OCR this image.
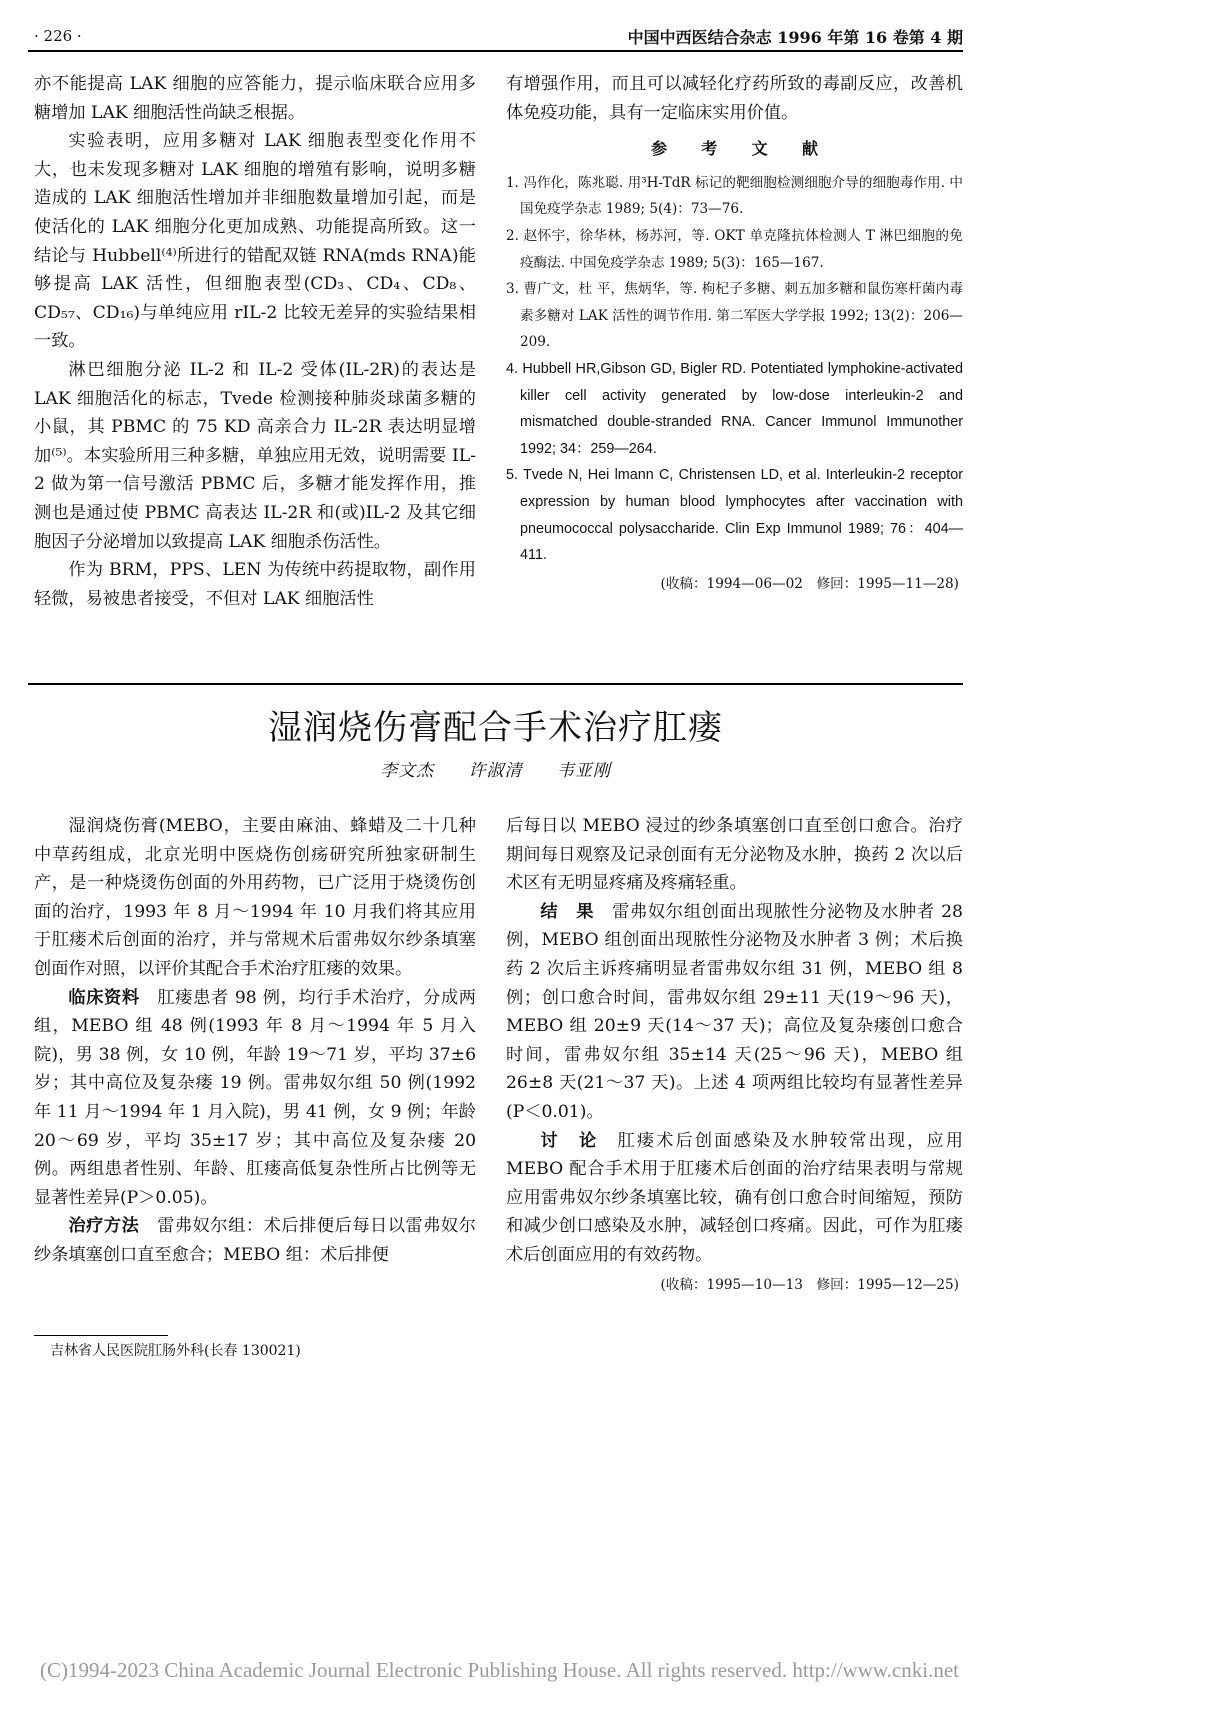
· 226 ·	中国中西医结合杂志 1996 年第 16 卷第 4 期

亦不能提高 LAK 细胞的应答能力，提示临床联合应用多糖增加 LAK 细胞活性尚缺乏根据。

实验表明，应用多糖对 LAK 细胞表型变化作用不大，也未发现多糖对 LAK 细胞的增殖有影响，说明多糖造成的 LAK 细胞活性增加并非细胞数量增加引起，而是使活化的 LAK 细胞分化更加成熟、功能提高所致。这一结论与 Hubbell⁽⁴⁾所进行的错配双链 RNA(mds RNA)能够提高 LAK 活性，但细胞表型(CD₃、CD₄、CD₈、CD₅₇、CD₁₆)与单纯应用 rIL-2 比较无差异的实验结果相一致。

淋巴细胞分泌 IL-2 和 IL-2 受体(IL-2R)的表达是 LAK 细胞活化的标志，Tvede 检测接种肺炎球菌多糖的小鼠，其 PBMC 的 75 KD 高亲合力 IL-2R 表达明显增加⁽⁵⁾。本实验所用三种多糖，单独应用无效，说明需要 IL-2 做为第一信号激活 PBMC 后，多糖才能发挥作用，推测也是通过使 PBMC 高表达 IL-2R 和(或)IL-2 及其它细胞因子分泌增加以致提高 LAK 细胞杀伤活性。

作为 BRM，PPS、LEN 为传统中药提取物，副作用轻微，易被患者接受，不但对 LAK 细胞活性

有增强作用，而且可以减轻化疗药所致的毒副反应，改善机体免疫功能，具有一定临床实用价值。

参 考 文 献

1. 冯作化，陈兆聪. 用³H-TdR 标记的靶细胞检测细胞介导的细胞毒作用. 中国免疫学杂志 1989; 5(4)：73—76.

2. 赵怀宇，徐华林，杨苏河，等. OKT 单克隆抗体检测人 T 淋巴细胞的免疫酶法. 中国免疫学杂志 1989; 5(3)：165—167.

3. 曹广文，杜 平，焦炳华，等. 枸杞子多糖、刺五加多糖和鼠伤寒杆菌内毒素多糖对 LAK 活性的调节作用. 第二军医大学学报 1992; 13(2)：206—209.

4. Hubbell HR,Gibson GD, Bigler RD. Potentiated lymphokine-activated killer cell activity generated by low-dose interleukin-2 and mismatched double-stranded RNA. Cancer Immunol Immunother 1992; 34：259—264.

5. Tvede N, Hei lmann C, Christensen LD, et al. Interleukin-2 receptor expression by human blood lymphocytes after vaccination with pneumococcal polysaccharide. Clin Exp Immunol 1989; 76：404—411.

(收稿：1994—06—02　修回：1995—11—28)
湿润烧伤膏配合手术治疗肛瘘
李文杰 许淑清 韦亚刚

湿润烧伤膏(MEBO，主要由麻油、蜂蜡及二十几种中草药组成，北京光明中医烧伤创疡研究所独家研制生产，是一种烧烫伤创面的外用药物，已广泛用于烧烫伤创面的治疗，1993 年 8 月～1994 年 10 月我们将其应用于肛瘘术后创面的治疗，并与常规术后雷弗奴尔纱条填塞创面作对照，以评价其配合手术治疗肛瘘的效果。

临床资料　肛瘘患者 98 例，均行手术治疗，分成两组，MEBO 组 48 例(1993 年 8 月～1994 年 5 月入院)，男 38 例，女 10 例，年龄 19～71 岁，平均 37±6 岁；其中高位及复杂瘘 19 例。雷弗奴尔组 50 例(1992 年 11 月～1994 年 1 月入院)，男 41 例，女 9 例；年龄 20～69 岁，平均 35±17 岁；其中高位及复杂瘘 20 例。两组患者性别、年龄、肛瘘高低复杂性所占比例等无显著性差异(P＞0.05)。

治疗方法　雷弗奴尔组：术后排便后每日以雷弗奴尔纱条填塞创口直至愈合；MEBO 组：术后排便

后每日以 MEBO 浸过的纱条填塞创口直至创口愈合。治疗期间每日观察及记录创面有无分泌物及水肿，换药 2 次以后术区有无明显疼痛及疼痛轻重。

结　果　雷弗奴尔组创面出现脓性分泌物及水肿者 28 例，MEBO 组创面出现脓性分泌物及水肿者 3 例；术后换药 2 次后主诉疼痛明显者雷弗奴尔组 31 例，MEBO 组 8 例；创口愈合时间，雷弗奴尔组 29±11 天(19～96 天)，MEBO 组 20±9 天(14～37 天)；高位及复杂瘘创口愈合时间，雷弗奴尔组 35±14 天(25～96 天)，MEBO 组 26±8 天(21～37 天)。上述 4 项两组比较均有显著性差异(P＜0.01)。

讨　论　肛瘘术后创面感染及水肿较常出现，应用 MEBO 配合手术用于肛瘘术后创面的治疗结果表明与常规应用雷弗奴尔纱条填塞比较，确有创口愈合时间缩短，预防和减少创口感染及水肿，减轻创口疼痛。因此，可作为肛瘘术后创面应用的有效药物。

(收稿：1995—10—13　修回：1995—12—25)
吉林省人民医院肛肠外科(长春 130021)
(C)1994-2023 China Academic Journal Electronic Publishing House. All rights reserved. http://www.cnki.net
